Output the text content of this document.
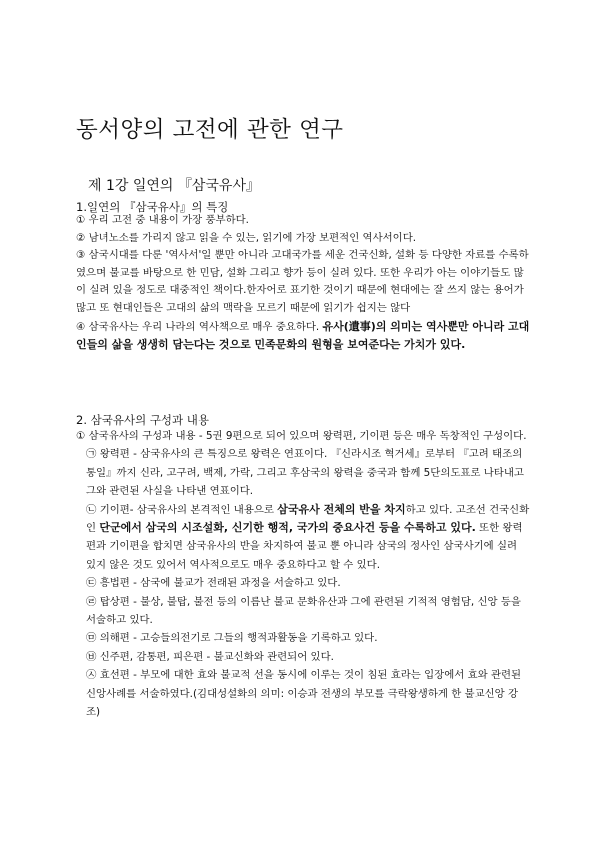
동서양의 고전에 관한 연구
제 1강 일연의 『삼국유사』
1.일연의 『삼국유사』의 특징

① 우리 고전 중 내용이 가장 풍부하다.

② 남녀노소를 가리지 않고 읽을 수 있는, 읽기에 가장 보편적인 역사서이다.

③ 삼국시대를 다룬 '역사서'일 뿐만 아니라 고대국가를 세운 건국신화, 설화 등 다양한 자료를 수록하였으며 불교를 바탕으로 한 민담, 설화 그리고 향가 등이 실려 있다. 또한 우리가 아는 이야기들도 많이 실려 있을 정도로 대중적인 책이다.한자어로 표기한 것이기 때문에 현대에는 잘 쓰지 않는 용어가 많고 또 현대인들은 고대의 삶의 맥락을 모르기 때문에 읽기가 쉽지는 않다

④ 삼국유사는 우리 나라의 역사책으로 매우 중요하다. 유사(遺事)의 의미는 역사뿐만 아니라 고대인들의 삶을 생생히 담는다는 것으로 민족문화의 원형을 보여준다는 가치가 있다.

2. 삼국유사의 구성과 내용

① 삼국유사의 구성과 내용 - 5권 9편으로 되어 있으며 왕력편, 기이편 등은 매우 독창적인 구성이다.

㉠ 왕력편 - 삼국유사의 큰 특징으로 왕력은 연표이다. 『신라시조 혁거세』로부터 『고려 태조의 통일』까지 신라, 고구려, 백제, 가락, 그리고 후삼국의 왕력을 중국과 함께 5단의도표로 나타내고 그와 관련된 사실을 나타낸 연표이다.

㉡ 기이편- 삼국유사의 본격적인 내용으로 삼국유사 전체의 반을 차지하고 있다. 고조선 건국신화인 단군에서 삼국의 시조설화, 신기한 행적, 국가의 중요사건 등을 수록하고 있다. 또한 왕력편과 기이편을 합치면 삼국유사의 반을 차지하여 불교 뿐 아니라 삼국의 정사인 삼국사기에 실려 있지 않은 것도 있어서 역사적으로도 매우 중요하다고 할 수 있다.

㉢ 흥법편 - 삼국에 불교가 전래된 과정을 서술하고 있다.

㉣ 탑상편 - 불상, 불탑, 불전 등의 이름난 불교 문화유산과 그에 관련된 기적적 영험담, 신앙 등을 서술하고 있다.

㉤ 의해편 - 고승들의전기로 그들의 행적과활동을 기록하고 있다.

㉥ 신주편, 감통편, 피은편 - 불교신화와 관련되어 있다.

㉦ 효선편 - 부모에 대한 효와 불교적 선을 동시에 이루는 것이 침된 효라는 입장에서 효와 관련된 신앙사례를 서술하였다.(김대성설화의 의미: 이승과 전생의 부모를 극락왕생하게 한 불교신앙 강조)
